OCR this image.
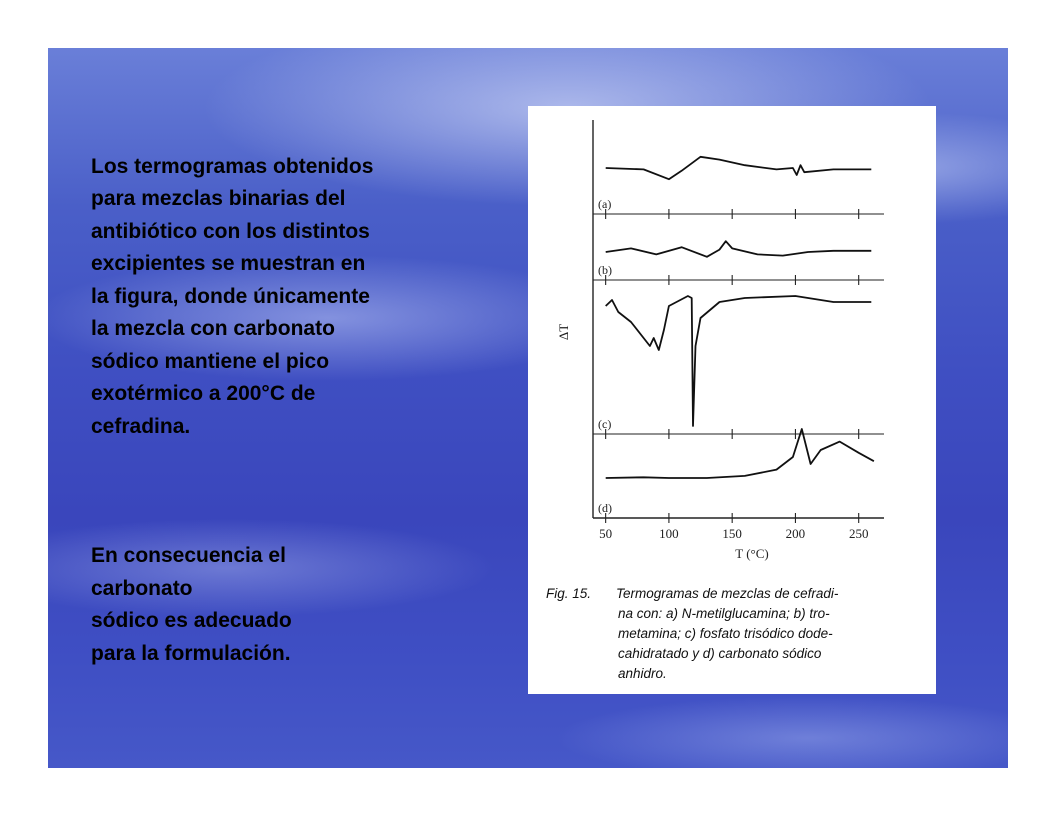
Los termogramas obtenidos
para mezclas binarias del
antibiótico con los distintos
excipientes se muestran en
la figura, donde únicamente
la mezcla con carbonato
sódico mantiene el pico
exotérmico a 200°C de
cefradina.

En consecuencia el
carbonato
sódico es adecuado
para la formulación.

(a)
(b)
(c)
(d)
ΔT
50	100	150	200	250
T (°C)
Fig. 15. Termogramas de mezclas de cefradi-
na con: a) N-metilglucamina; b) tro-
metamina; c) fosfato trisódico dode-
cahidratado y d) carbonato sódico
anhidro.
